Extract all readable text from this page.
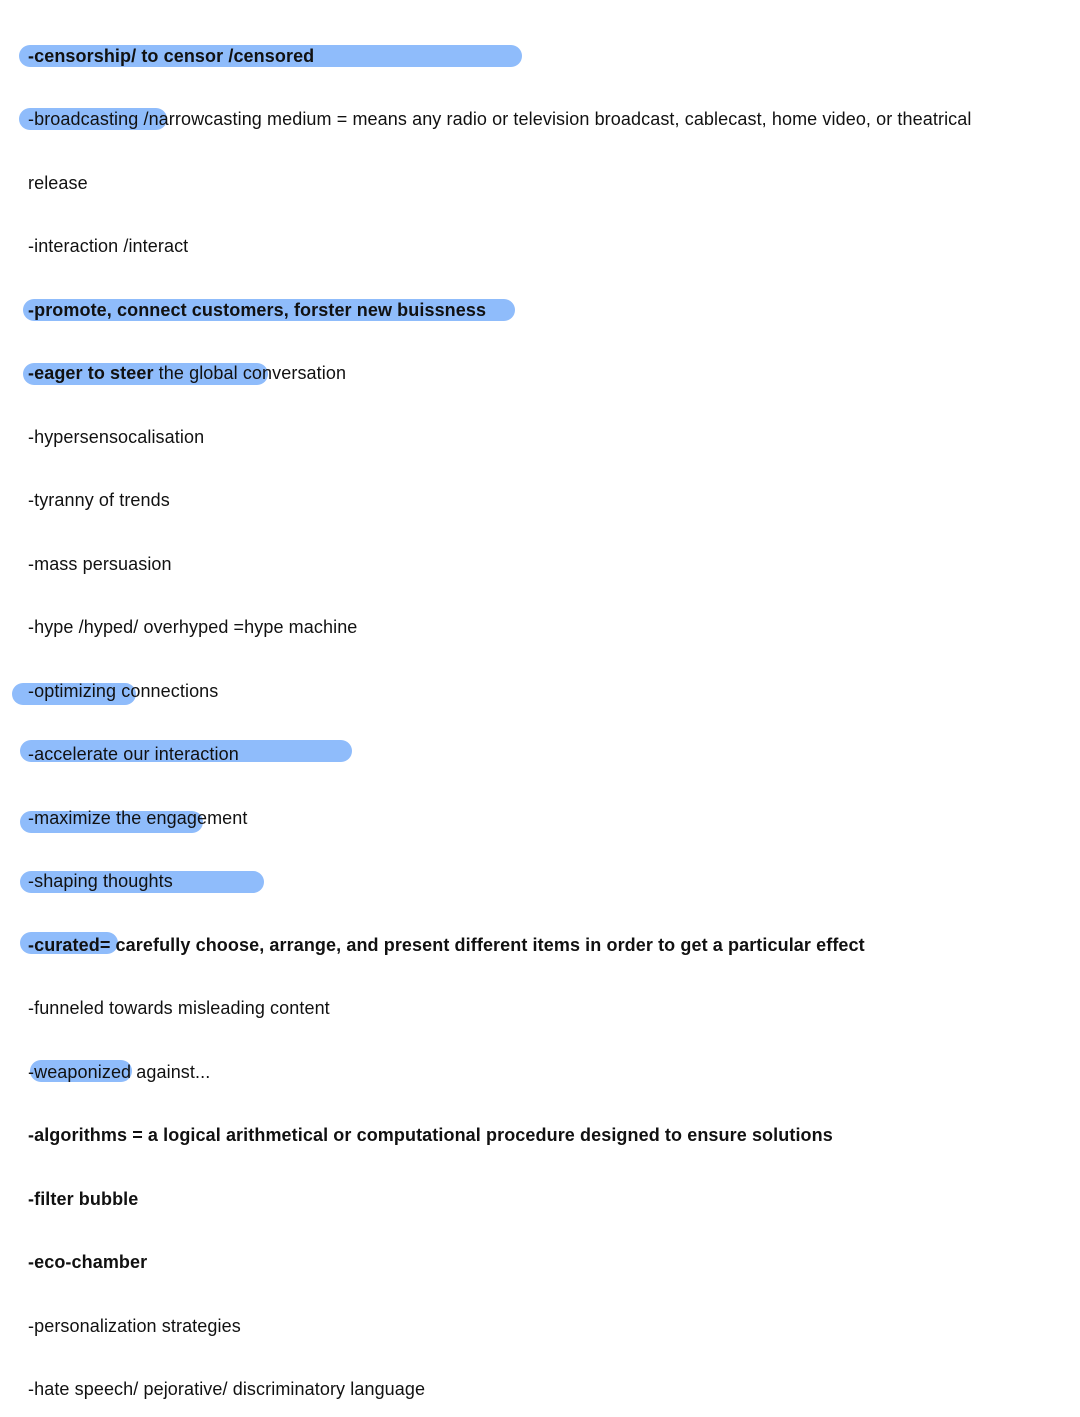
-censorship/ to censor /censored
-broadcasting /narrowcasting medium = means any radio or television broadcast, cablecast, home video, or theatrical
release
-interaction /interact
-promote, connect customers, forster new buissness
-eager to steer the global conversation
-hypersensocalisation
-tyranny of trends
-mass persuasion
-hype /hyped/ overhyped =hype machine
-optimizing connections
-accelerate our interaction
-maximize the engagement
-shaping thoughts
-curated= carefully choose, arrange, and present different items in order to get a particular effect
-funneled towards misleading content
-weaponized against...
-algorithms = a logical arithmetical or computational procedure designed to ensure solutions
-filter bubble
-eco-chamber
-personalization strategies
-hate speech/ pejorative/ discriminatory language
